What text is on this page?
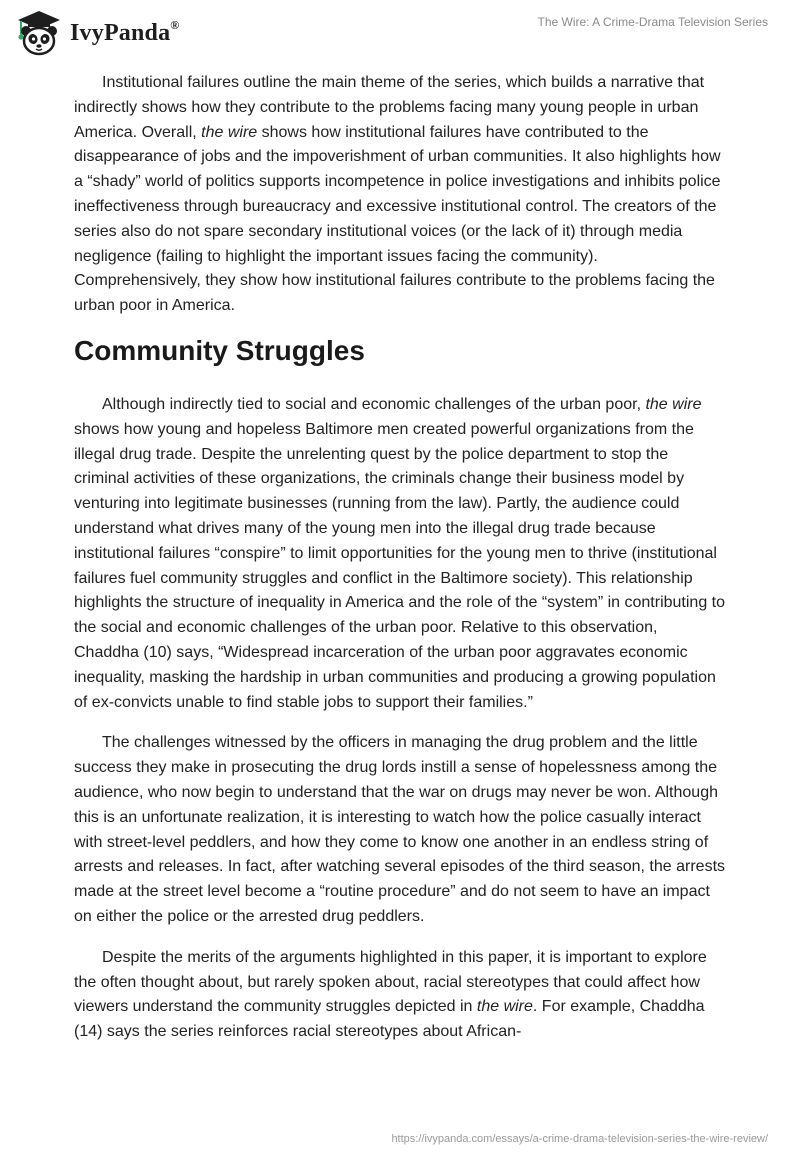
IvyPanda®	The Wire: A Crime-Drama Television Series

Institutional failures outline the main theme of the series, which builds a narrative that indirectly shows how they contribute to the problems facing many young people in urban America. Overall, the wire shows how institutional failures have contributed to the disappearance of jobs and the impoverishment of urban communities. It also highlights how a “shady” world of politics supports incompetence in police investigations and inhibits police ineffectiveness through bureaucracy and excessive institutional control. The creators of the series also do not spare secondary institutional voices (or the lack of it) through media negligence (failing to highlight the important issues facing the community). Comprehensively, they show how institutional failures contribute to the problems facing the urban poor in America.

Community Struggles

Although indirectly tied to social and economic challenges of the urban poor, the wire shows how young and hopeless Baltimore men created powerful organizations from the illegal drug trade. Despite the unrelenting quest by the police department to stop the criminal activities of these organizations, the criminals change their business model by venturing into legitimate businesses (running from the law). Partly, the audience could understand what drives many of the young men into the illegal drug trade because institutional failures “conspire” to limit opportunities for the young men to thrive (institutional failures fuel community struggles and conflict in the Baltimore society). This relationship highlights the structure of inequality in America and the role of the “system” in contributing to the social and economic challenges of the urban poor. Relative to this observation, Chaddha (10) says, “Widespread incarceration of the urban poor aggravates economic inequality, masking the hardship in urban communities and producing a growing population of ex-convicts unable to find stable jobs to support their families.”

The challenges witnessed by the officers in managing the drug problem and the little success they make in prosecuting the drug lords instill a sense of hopelessness among the audience, who now begin to understand that the war on drugs may never be won. Although this is an unfortunate realization, it is interesting to watch how the police casually interact with street-level peddlers, and how they come to know one another in an endless string of arrests and releases. In fact, after watching several episodes of the third season, the arrests made at the street level become a “routine procedure” and do not seem to have an impact on either the police or the arrested drug peddlers.

Despite the merits of the arguments highlighted in this paper, it is important to explore the often thought about, but rarely spoken about, racial stereotypes that could affect how viewers understand the community struggles depicted in the wire. For example, Chaddha (14) says the series reinforces racial stereotypes about African-

https://ivypanda.com/essays/a-crime-drama-television-series-the-wire-review/
